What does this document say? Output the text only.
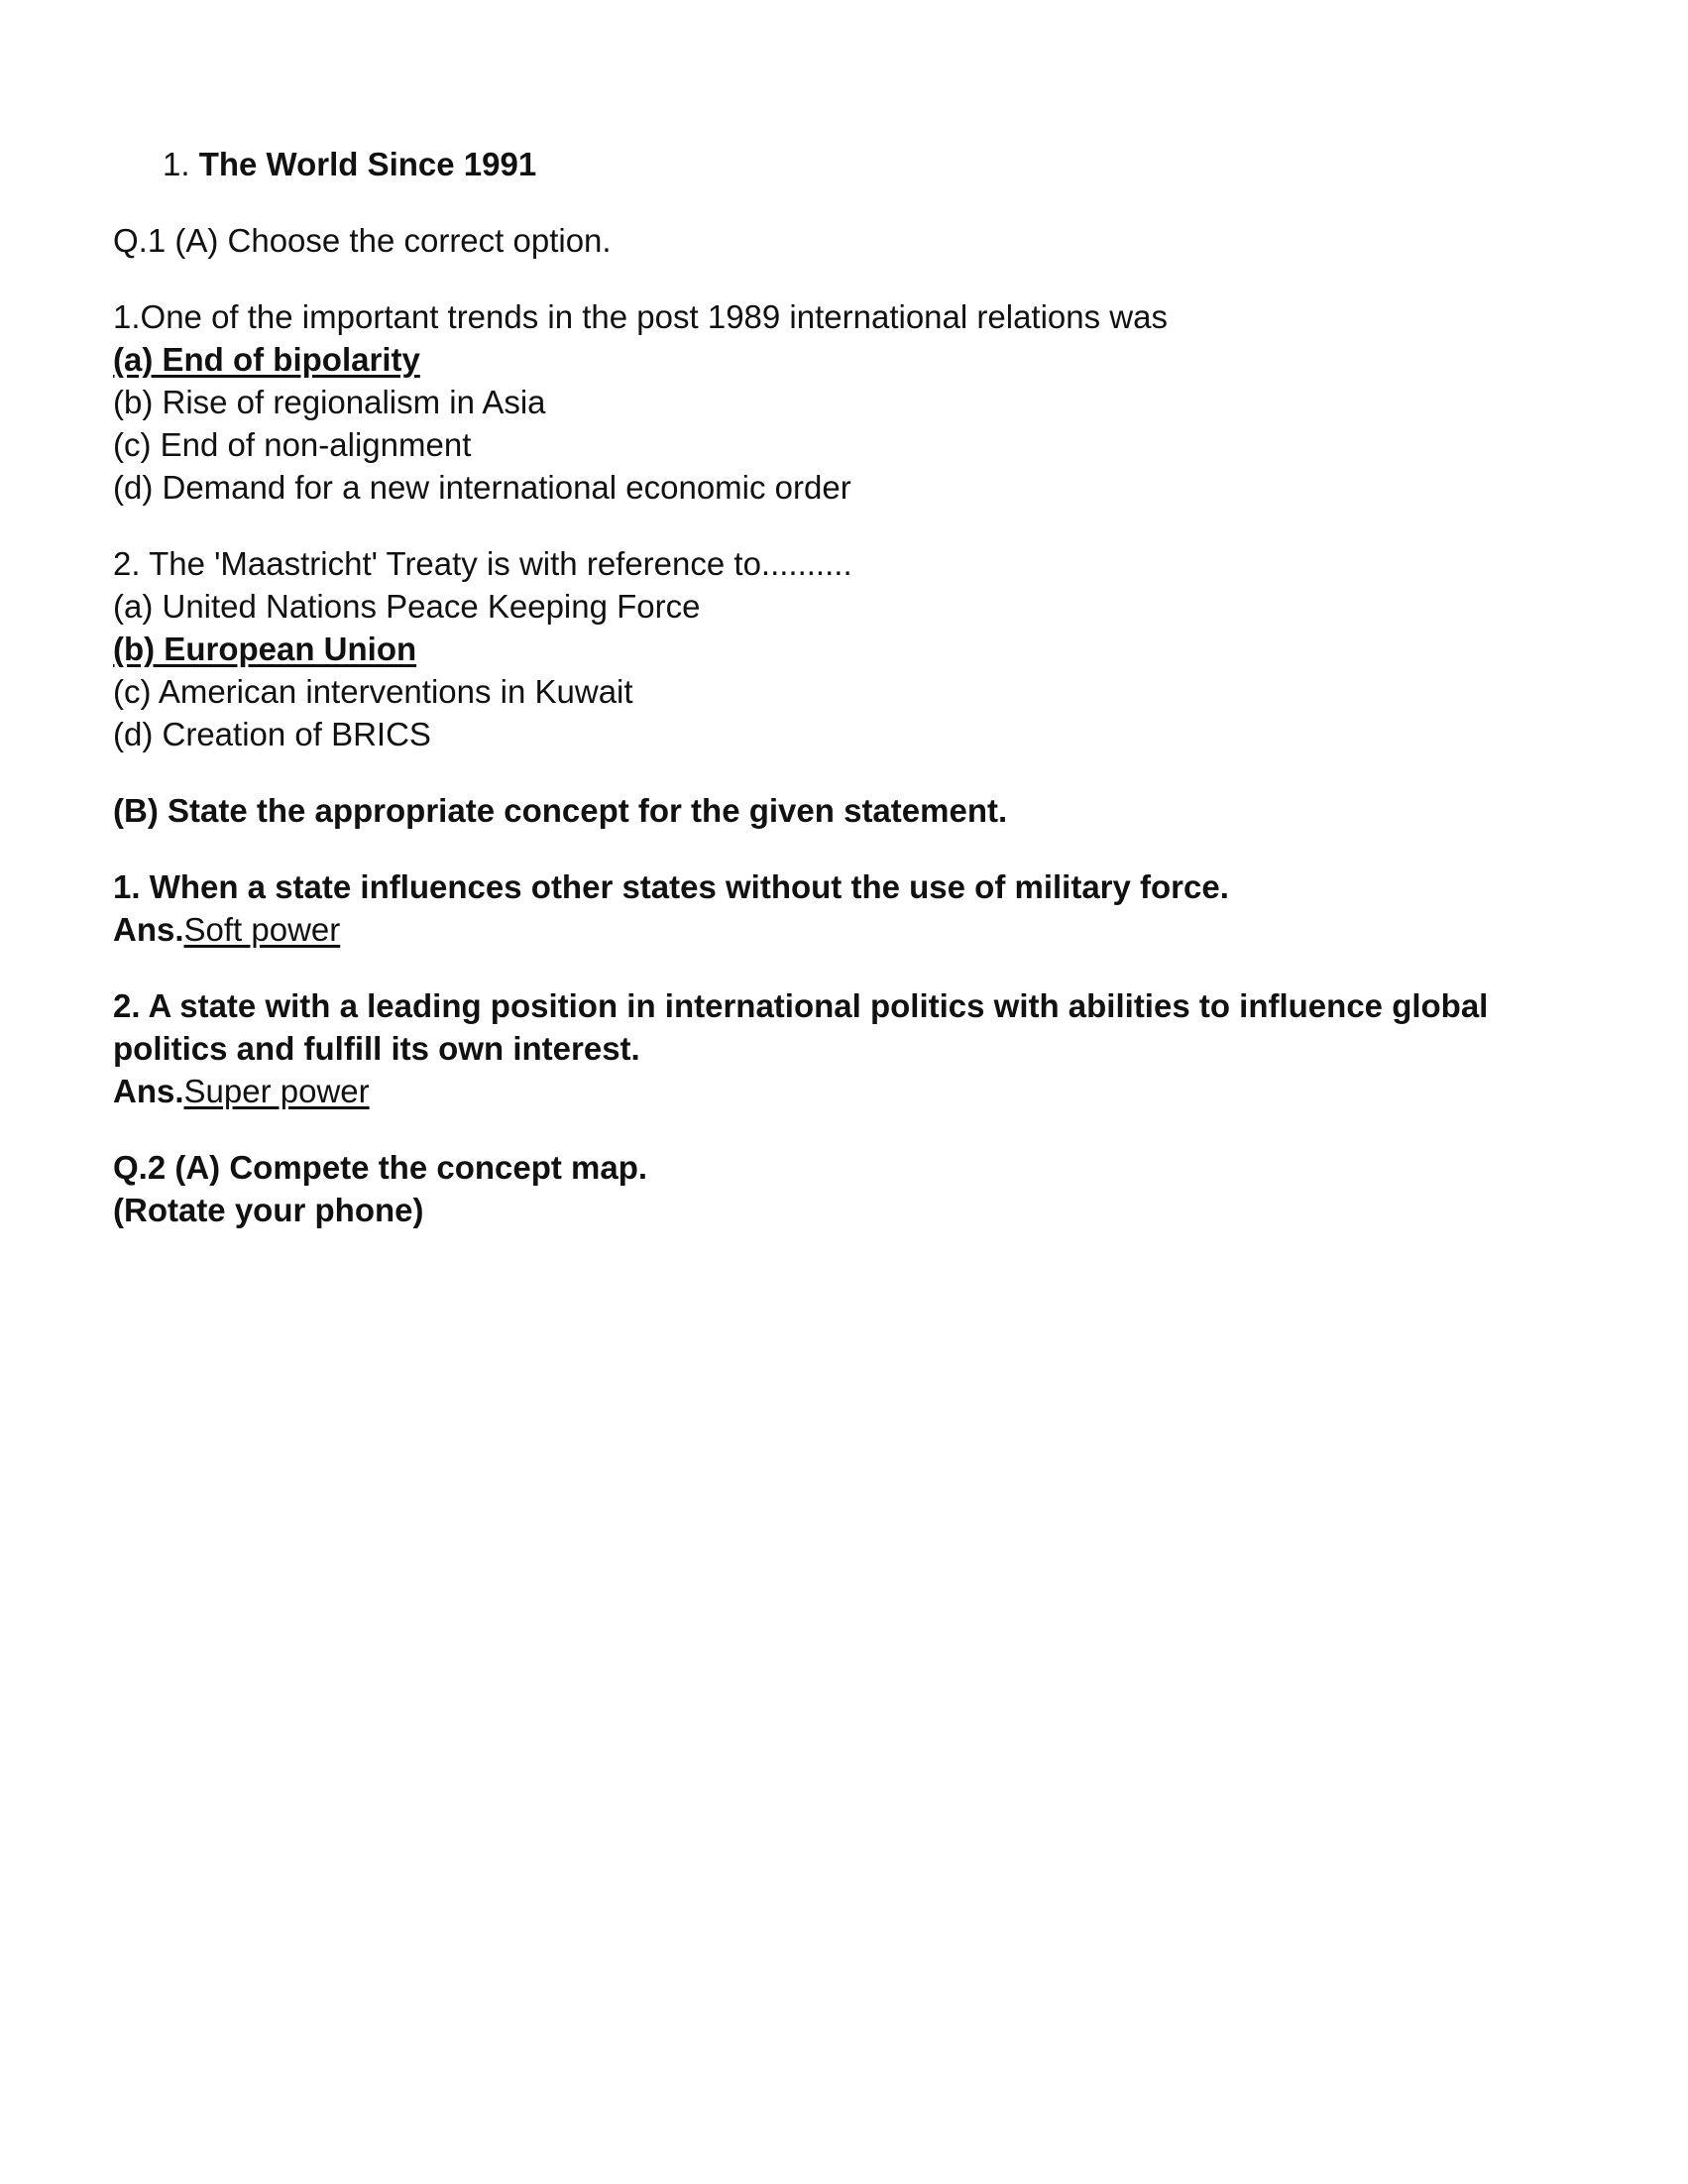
1. The World Since 1991
Q.1 (A) Choose the correct option.
1.One of the important trends in the post 1989 international relations was
(a) End of bipolarity
(b) Rise of regionalism in Asia
(c) End of non-alignment
(d) Demand for a new international economic order
2. The 'Maastricht' Treaty is with reference to..........
(a) United Nations Peace Keeping Force
(b) European Union
(c) American interventions in Kuwait
(d) Creation of BRICS
(B) State the appropriate concept for the given statement.
1. When a state influences other states without the use of military force.
Ans.Soft power
2. A state with a leading position in international politics with abilities to influence global politics and fulfill its own interest.
Ans.Super power
Q.2 (A) Compete the concept map.
(Rotate your phone)
